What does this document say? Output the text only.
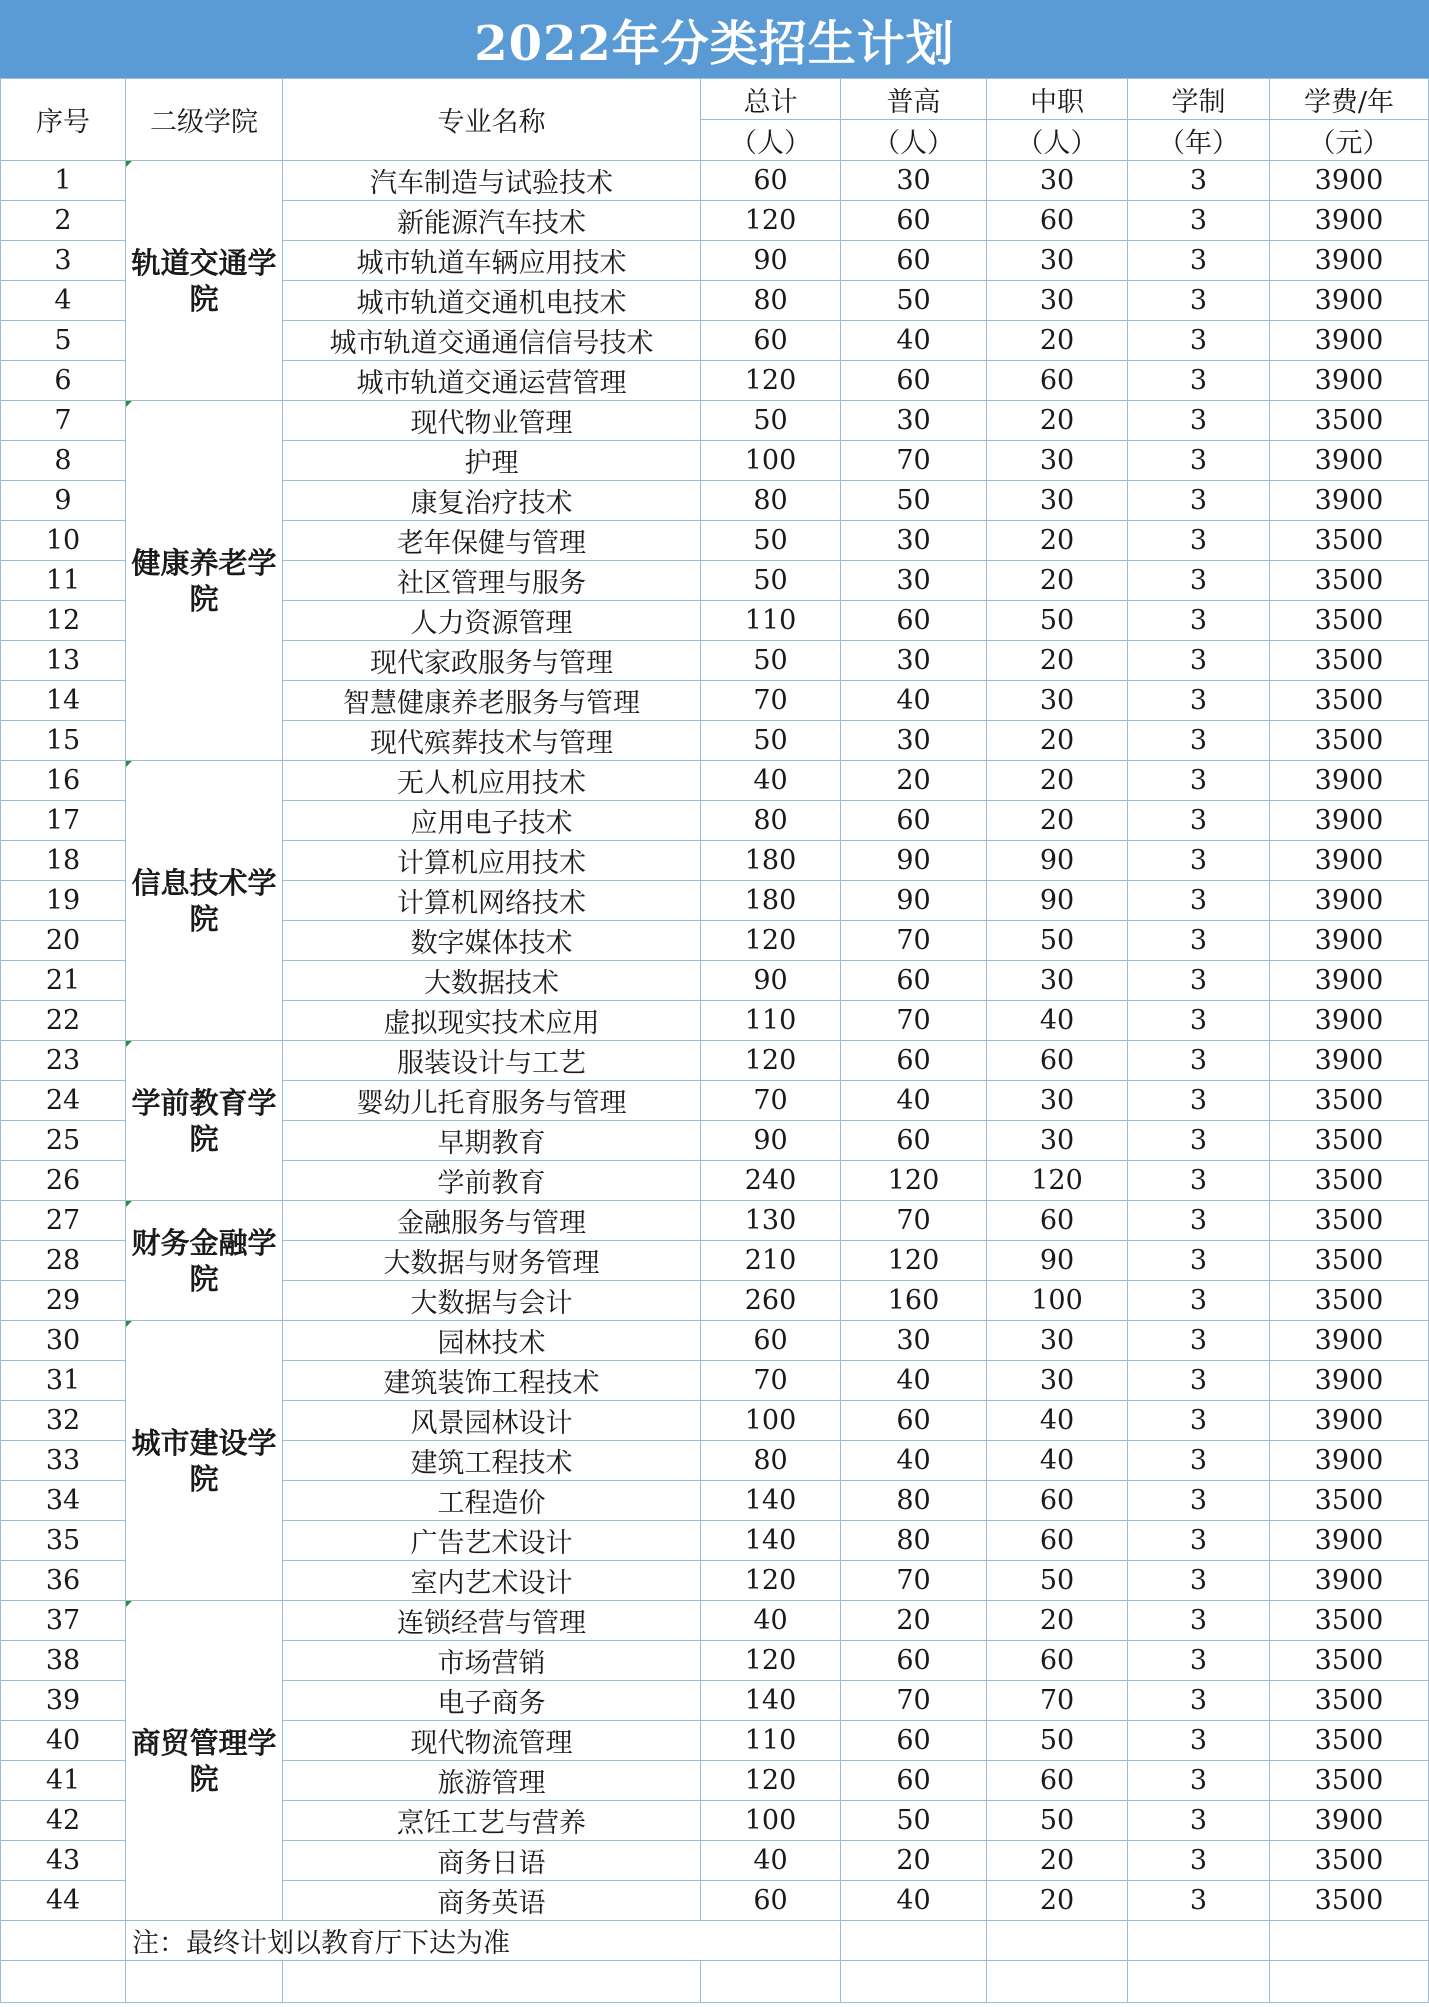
2022年分类招生计划
序号	二级学院	专业名称	总计	普高	中职	学制	学费/年
			（人）	（人）	（人）	（年）	（元）
1	轨道交通学院	汽车制造与试验技术	60	30	30	3	3900
2		新能源汽车技术	120	60	60	3	3900
3		城市轨道车辆应用技术	90	60	30	3	3900
4		城市轨道交通机电技术	80	50	30	3	3900
5		城市轨道交通通信信号技术	60	40	20	3	3900
6		城市轨道交通运营管理	120	60	60	3	3900
7	健康养老学院	现代物业管理	50	30	20	3	3500
8		护理	100	70	30	3	3900
9		康复治疗技术	80	50	30	3	3900
10		老年保健与管理	50	30	20	3	3500
11		社区管理与服务	50	30	20	3	3500
12		人力资源管理	110	60	50	3	3500
13		现代家政服务与管理	50	30	20	3	3500
14		智慧健康养老服务与管理	70	40	30	3	3500
15		现代殡葬技术与管理	50	30	20	3	3500
16	信息技术学院	无人机应用技术	40	20	20	3	3900
17		应用电子技术	80	60	20	3	3900
18		计算机应用技术	180	90	90	3	3900
19		计算机网络技术	180	90	90	3	3900
20		数字媒体技术	120	70	50	3	3900
21		大数据技术	90	60	30	3	3900
22		虚拟现实技术应用	110	70	40	3	3900
23	学前教育学院	服装设计与工艺	120	60	60	3	3900
24		婴幼儿托育服务与管理	70	40	30	3	3500
25		早期教育	90	60	30	3	3500
26		学前教育	240	120	120	3	3500
27	财务金融学院	金融服务与管理	130	70	60	3	3500
28		大数据与财务管理	210	120	90	3	3500
29		大数据与会计	260	160	100	3	3500
30	城市建设学院	园林技术	60	30	30	3	3900
31		建筑装饰工程技术	70	40	30	3	3900
32		风景园林设计	100	60	40	3	3900
33		建筑工程技术	80	40	40	3	3900
34		工程造价	140	80	60	3	3500
35		广告艺术设计	140	80	60	3	3900
36		室内艺术设计	120	70	50	3	3900
37	商贸管理学院	连锁经营与管理	40	20	20	3	3500
38		市场营销	120	60	60	3	3500
39		电子商务	140	70	70	3	3500
40		现代物流管理	110	60	50	3	3500
41		旅游管理	120	60	60	3	3500
42		烹饪工艺与营养	100	50	50	3	3900
43		商务日语	40	20	20	3	3500
44		商务英语	60	40	20	3	3500
	注：最终计划以教育厅下达为准						
